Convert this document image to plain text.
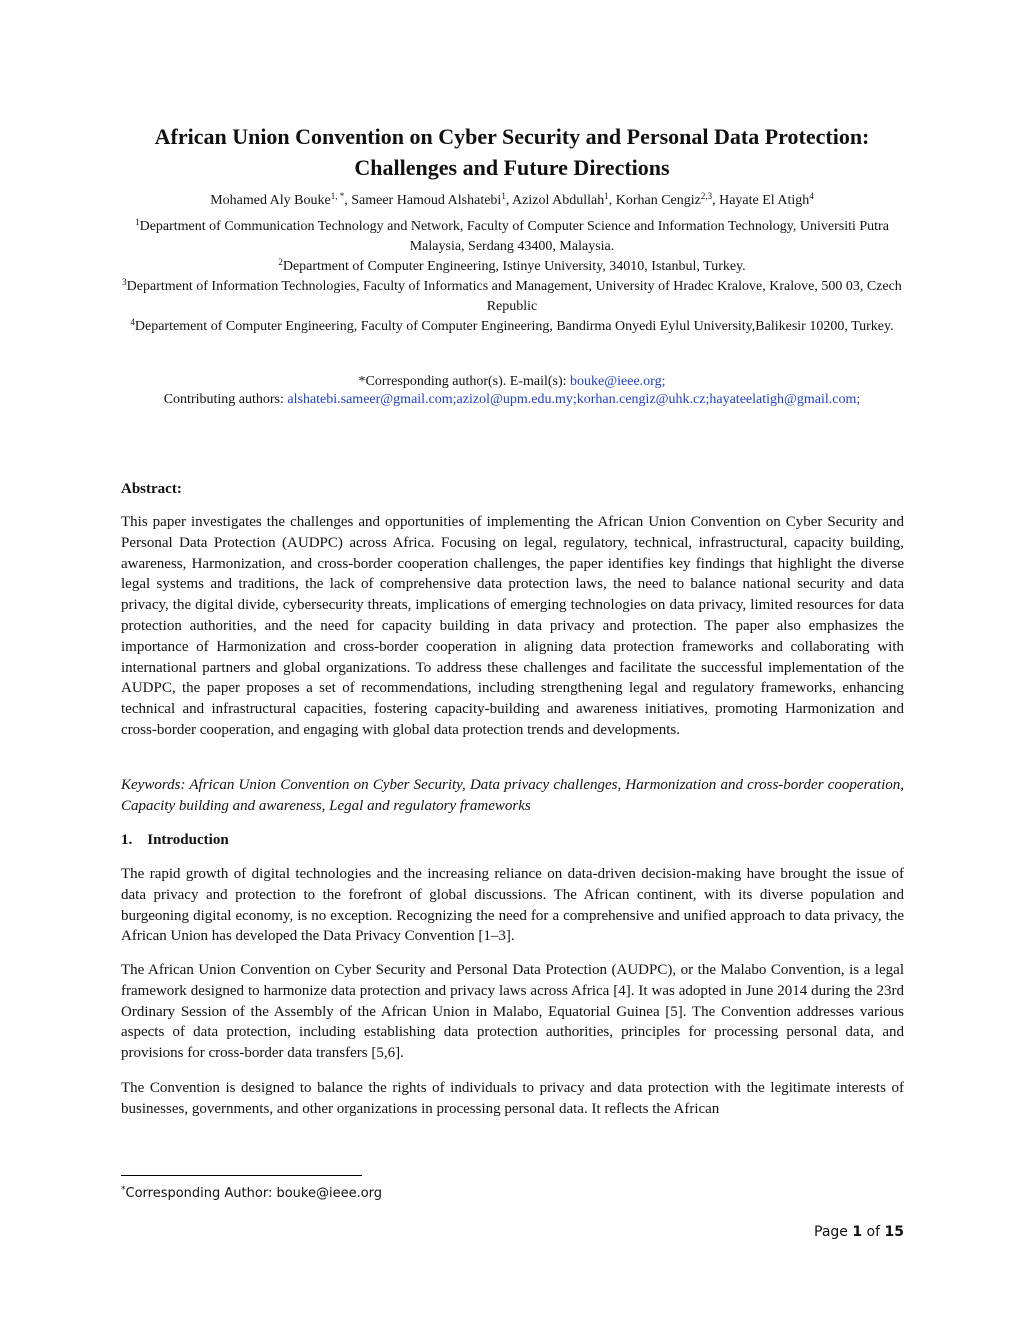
African Union Convention on Cyber Security and Personal Data Protection:
Challenges and Future Directions
Mohamed Aly Bouke$^{1, *}$, Sameer Hamoud Alshatebi$^1$, Azizol Abdullah$^1$, Korhan Cengiz$^{2,3}$, Hayate El Atigh$^4$

$^1$Department of Communication Technology and Network, Faculty of Computer Science and Information Technology, Universiti Putra Malaysia, Serdang 43400, Malaysia.

$^2$Department of Computer Engineering, Istinye University, 34010, Istanbul, Turkey.

$^3$Department of Information Technologies, Faculty of Informatics and Management, University of Hradec Kralove, Kralove, 500 03, Czech Republic

$^4$Departement of Computer Engineering, Faculty of Computer Engineering, Bandirma Onyedi Eylul University,Balikesir 10200, Turkey.

*Corresponding author(s). E-mail(s): bouke@ieee.org;

Contributing authors: alshatebi.sameer@gmail.com;azizol@upm.edu.my;korhan.cengiz@uhk.cz;hayateelatigh@gmail.com;

Abstract:

This paper investigates the challenges and opportunities of implementing the African Union Convention on Cyber Security and Personal Data Protection (AUDPC) across Africa. Focusing on legal, regulatory, technical, infrastructural, capacity building, awareness, Harmonization, and cross-border cooperation challenges, the paper identifies key findings that highlight the diverse legal systems and traditions, the lack of comprehensive data protection laws, the need to balance national security and data privacy, the digital divide, cybersecurity threats, implications of emerging technologies on data privacy, limited resources for data protection authorities, and the need for capacity building in data privacy and protection. The paper also emphasizes the importance of Harmonization and cross-border cooperation in aligning data protection frameworks and collaborating with international partners and global organizations. To address these challenges and facilitate the successful implementation of the AUDPC, the paper proposes a set of recommendations, including strengthening legal and regulatory frameworks, enhancing technical and infrastructural capacities, fostering capacity-building and awareness initiatives, promoting Harmonization and cross-border cooperation, and engaging with global data protection trends and developments.

Keywords: African Union Convention on Cyber Security, Data privacy challenges, Harmonization and cross-border cooperation, Capacity building and awareness, Legal and regulatory frameworks

1. Introduction

The rapid growth of digital technologies and the increasing reliance on data-driven decision-making have brought the issue of data privacy and protection to the forefront of global discussions. The African continent, with its diverse population and burgeoning digital economy, is no exception. Recognizing the need for a comprehensive and unified approach to data privacy, the African Union has developed the Data Privacy Convention [1–3].

The African Union Convention on Cyber Security and Personal Data Protection (AUDPC), or the Malabo Convention, is a legal framework designed to harmonize data protection and privacy laws across Africa [4]. It was adopted in June 2014 during the 23rd Ordinary Session of the Assembly of the African Union in Malabo, Equatorial Guinea [5]. The Convention addresses various aspects of data protection, including establishing data protection authorities, principles for processing personal data, and provisions for cross-border data transfers [5,6].

The Convention is designed to balance the rights of individuals to privacy and data protection with the legitimate interests of businesses, governments, and other organizations in processing personal data. It reflects the African

*Corresponding Author: bouke@ieee.org
Page 1 of 15
